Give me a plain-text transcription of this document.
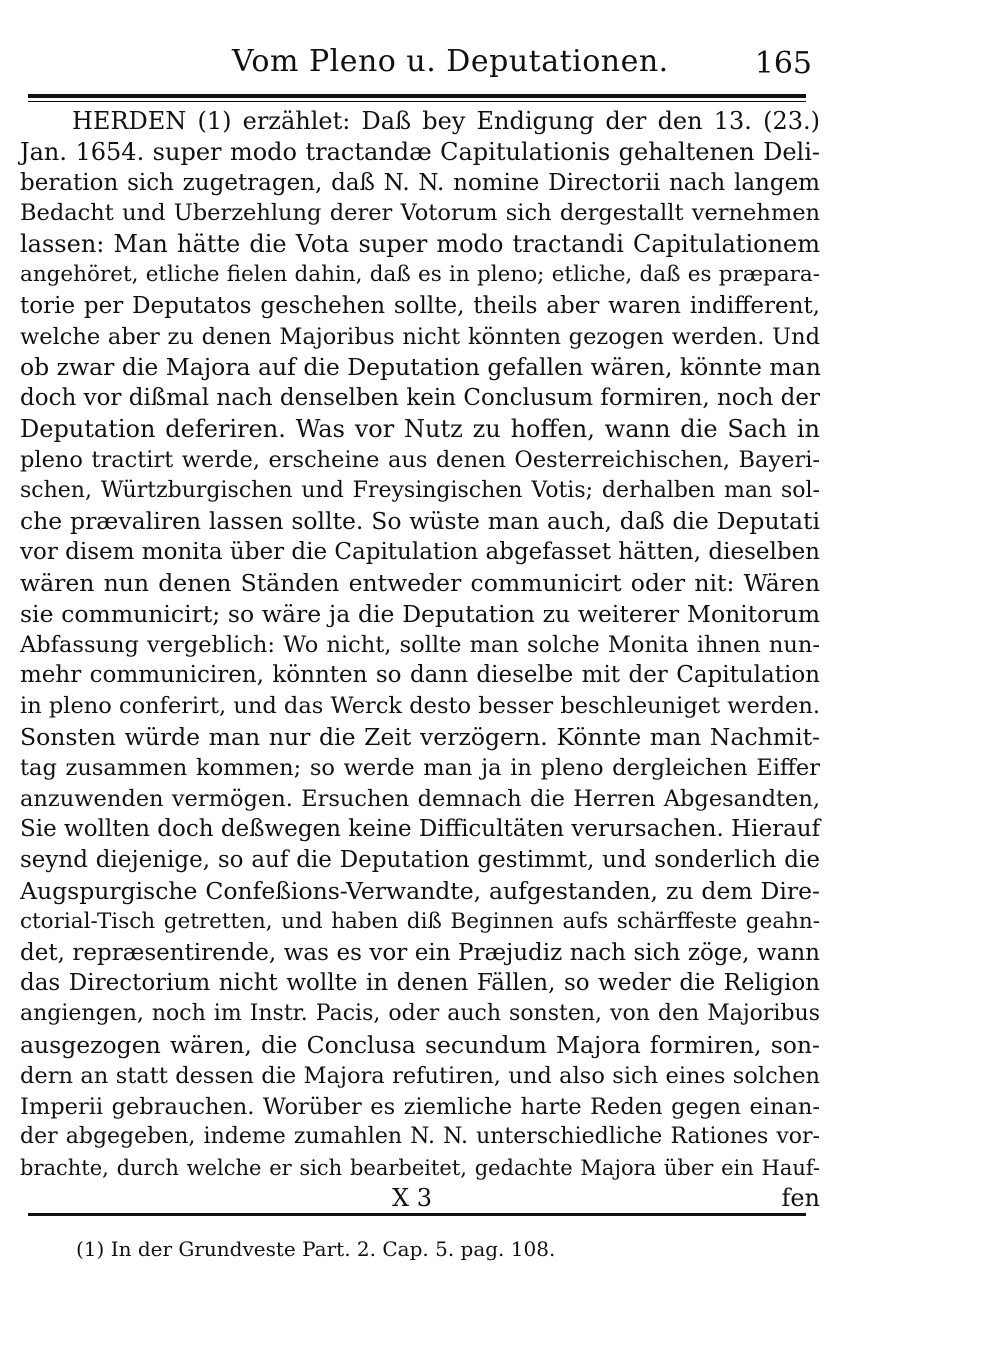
Vom Pleno u. Deputationen.	165
HERDEN (1) erzählet: Daß bey Endigung der den 13. (23.)
Jan. 1654. super modo tractandæ Capitulationis gehaltenen Deli-
beration sich zugetragen, daß N. N. nomine Directorii nach langem
Bedacht und Uberzehlung derer Votorum sich dergestallt vernehmen
lassen: Man hätte die Vota super modo tractandi Capitulationem
angehöret, etliche fielen dahin, daß es in pleno; etliche, daß es præpara-
torie per Deputatos geschehen sollte, theils aber waren indifferent,
welche aber zu denen Majoribus nicht könnten gezogen werden. Und
ob zwar die Majora auf die Deputation gefallen wären, könnte man
doch vor dißmal nach denselben kein Conclusum formiren, noch der
Deputation deferiren. Was vor Nutz zu hoffen, wann die Sach in
pleno tractirt werde, erscheine aus denen Oesterreichischen, Bayeri-
schen, Würtzburgischen und Freysingischen Votis; derhalben man sol-
che prævaliren lassen sollte. So wüste man auch, daß die Deputati
vor disem monita über die Capitulation abgefasset hätten, dieselben
wären nun denen Ständen entweder communicirt oder nit: Wären
sie communicirt; so wäre ja die Deputation zu weiterer Monitorum
Abfassung vergeblich: Wo nicht, sollte man solche Monita ihnen nun-
mehr communiciren, könnten so dann dieselbe mit der Capitulation
in pleno conferirt, und das Werck desto besser beschleuniget werden.
Sonsten würde man nur die Zeit verzögern. Könnte man Nachmit-
tag zusammen kommen; so werde man ja in pleno dergleichen Eiffer
anzuwenden vermögen. Ersuchen demnach die Herren Abgesandten,
Sie wollten doch deßwegen keine Difficultäten verursachen. Hierauf
seynd diejenige, so auf die Deputation gestimmt, und sonderlich die
Augspurgische Confeßions-Verwandte, aufgestanden, zu dem Dire-
ctorial-Tisch getretten, und haben diß Beginnen aufs schärffeste geahn-
det, repræsentirende, was es vor ein Præjudiz nach sich zöge, wann
das Directorium nicht wollte in denen Fällen, so weder die Religion
angiengen, noch im Instr. Pacis, oder auch sonsten, von den Majoribus
ausgezogen wären, die Conclusa secundum Majora formiren, son-
dern an statt dessen die Majora refutiren, und also sich eines solchen
Imperii gebrauchen. Worüber es ziemliche harte Reden gegen einan-
der abgegeben, indeme zumahlen N. N. unterschiedliche Rationes vor-
brachte, durch welche er sich bearbeitet, gedachte Majora über ein Hauf-
X 3	fen
(1) In der Grundveste Part. 2. Cap. 5. pag. 108.
